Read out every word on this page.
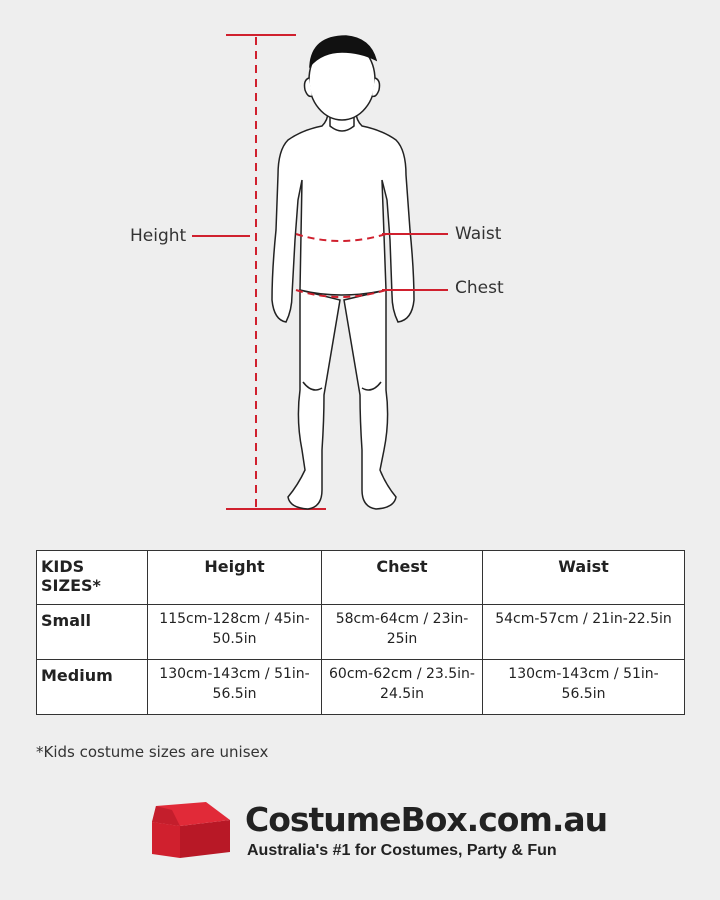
Height	Waist
Chest
KIDS SIZES*	Height	Chest	Waist
Small	115cm-128cm / 45in-50.5in	58cm-64cm / 23in-25in	54cm-57cm / 21in-22.5in
Medium	130cm-143cm / 51in-56.5in	60cm-62cm / 23.5in-24.5in	130cm-143cm / 51in-56.5in
*Kids costume sizes are unisex
CostumeBox.com.au
Australia's #1 for Costumes, Party & Fun
